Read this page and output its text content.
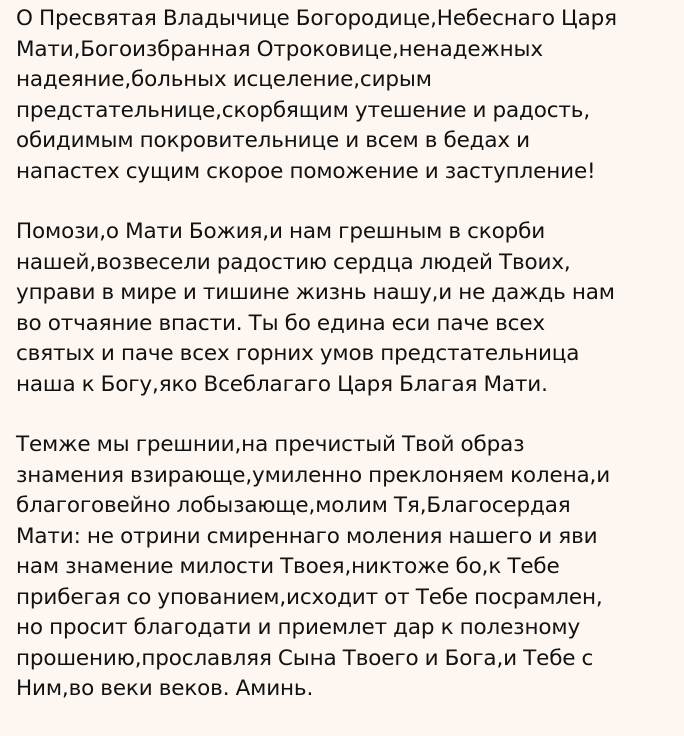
О Пресвятая Владычице Богородице,Небеснаго Царя
Мати,Богоизбранная Отроковице,ненадежных
надеяние,больных исцеление,сирым
предстательнице,скорбящим утешение и радость,
обидимым покровительнице и всем в бедах и
напастех сущим скорое поможение и заступление!
Помози,о Мати Божия,и нам грешным в скорби
нашей,возвесели радостию сердца людей Твоих,
управи в мире и тишине жизнь нашу,и не даждь нам
во отчаяние впасти. Ты бо едина еси паче всех
святых и паче всех горних умов предстательница
наша к Богу,яко Всеблагаго Царя Благая Мати.
Темже мы грешнии,на пречистый Твой образ
знамения взирающе,умиленно преклоняем колена,и
благоговейно лобызающе,молим Тя,Благосердая
Мати: не отрини смиреннаго моления нашего и яви
нам знамение милости Твоея,никтоже бо,к Тебе
прибегая со упованием,исходит от Тебе посрамлен,
но просит благодати и приемлет дар к полезному
прошению,прославляя Сына Твоего и Бога,и Тебе с
Ним,во веки веков. Аминь.
